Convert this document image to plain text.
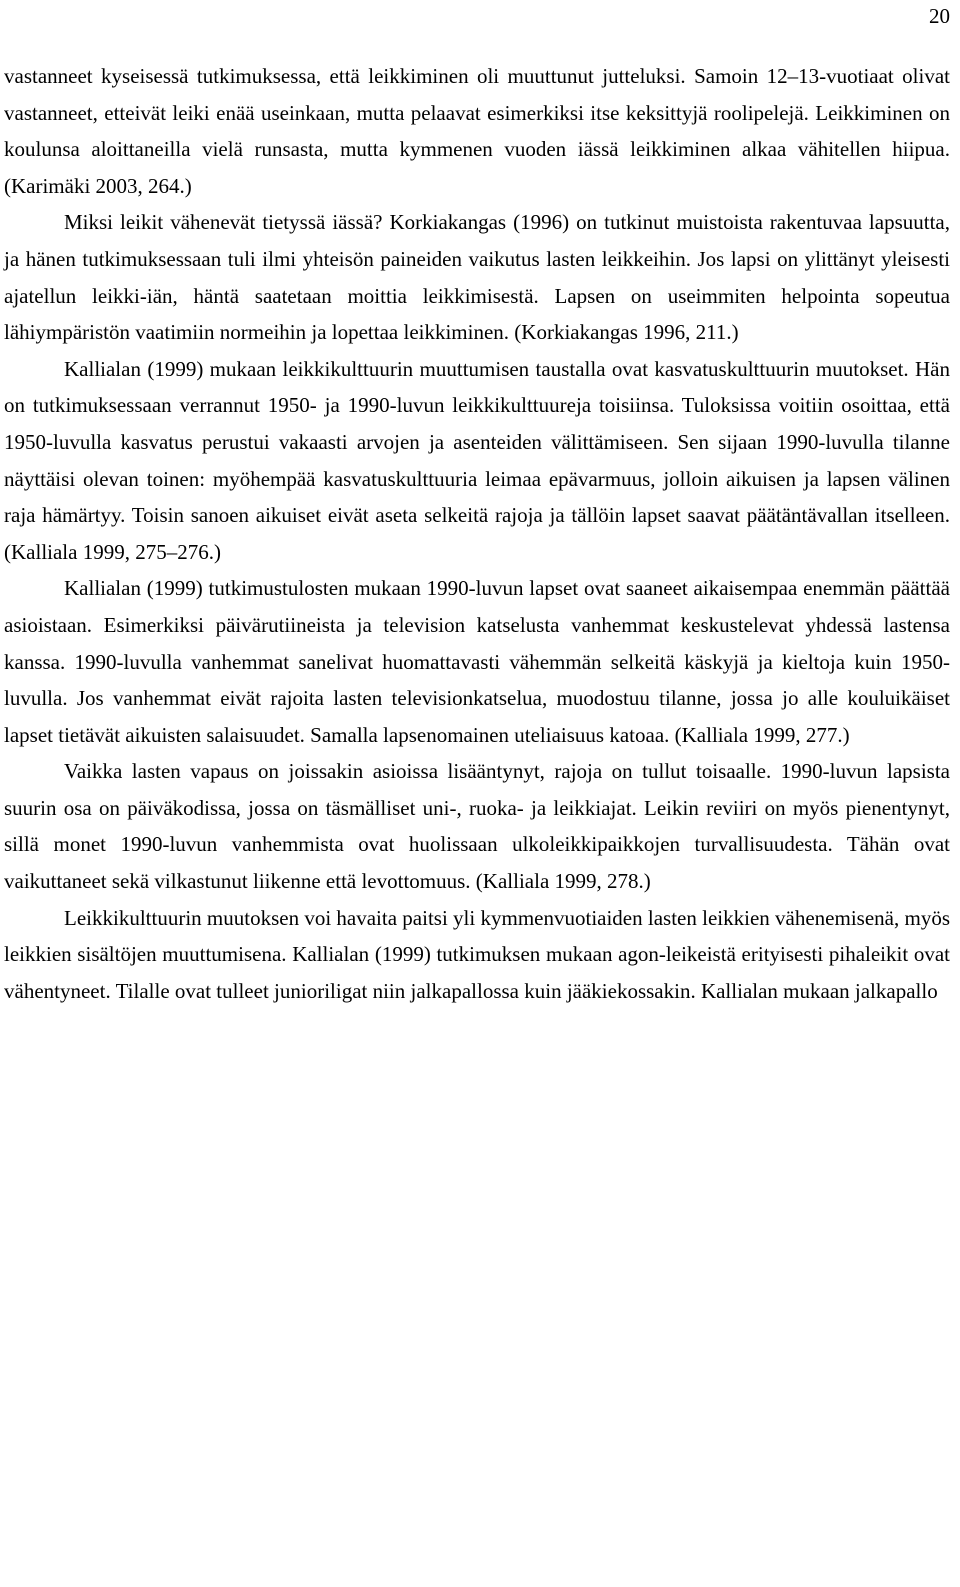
20

vastanneet kyseisessä tutkimuksessa, että leikkiminen oli muuttunut jutteluksi. Samoin 12–13-vuotiaat olivat vastanneet, etteivät leiki enää useinkaan, mutta pelaavat esimerkiksi itse keksittyjä roolipelejä. Leikkiminen on koulunsa aloittaneilla vielä runsasta, mutta kymmenen vuoden iässä leikkiminen alkaa vähitellen hiipua. (Karimäki 2003, 264.)

Miksi leikit vähenevät tietyssä iässä? Korkiakangas (1996) on tutkinut muistoista rakentuvaa lapsuutta, ja hänen tutkimuksessaan tuli ilmi yhteisön paineiden vaikutus lasten leikkeihin. Jos lapsi on ylittänyt yleisesti ajatellun leikki-iän, häntä saatetaan moittia leikkimisestä. Lapsen on useimmiten helpointa sopeutua lähiympäristön vaatimiin normeihin ja lopettaa leikkiminen. (Korkiakangas 1996, 211.)

Kallialan (1999) mukaan leikkikulttuurin muuttumisen taustalla ovat kasvatuskulttuurin muutokset. Hän on tutkimuksessaan verrannut 1950- ja 1990-luvun leikkikulttuureja toisiinsa. Tuloksissa voitiin osoittaa, että 1950-luvulla kasvatus perustui vakaasti arvojen ja asenteiden välittämiseen. Sen sijaan 1990-luvulla tilanne näyttäisi olevan toinen: myöhempää kasvatuskulttuuria leimaa epävarmuus, jolloin aikuisen ja lapsen välinen raja hämärtyy. Toisin sanoen aikuiset eivät aseta selkeitä rajoja ja tällöin lapset saavat päätäntävallan itselleen. (Kalliala 1999, 275–276.)

Kallialan (1999) tutkimustulosten mukaan 1990-luvun lapset ovat saaneet aikaisempaa enemmän päättää asioistaan. Esimerkiksi päivärutiineista ja television katselusta vanhemmat keskustelevat yhdessä lastensa kanssa. 1990-luvulla vanhemmat sanelivat huomattavasti vähemmän selkeitä käskyjä ja kieltoja kuin 1950-luvulla. Jos vanhemmat eivät rajoita lasten televisionkatselua, muodostuu tilanne, jossa jo alle kouluikäiset lapset tietävät aikuisten salaisuudet. Samalla lapsenomainen uteliaisuus katoaa. (Kalliala 1999, 277.)

Vaikka lasten vapaus on joissakin asioissa lisääntynyt, rajoja on tullut toisaalle. 1990-luvun lapsista suurin osa on päiväkodissa, jossa on täsmälliset uni-, ruoka- ja leikkiajat. Leikin reviiri on myös pienentynyt, sillä monet 1990-luvun vanhemmista ovat huolissaan ulkoleikkipaikkojen turvallisuudesta. Tähän ovat vaikuttaneet sekä vilkastunut liikenne että levottomuus. (Kalliala 1999, 278.)

Leikkikulttuurin muutoksen voi havaita paitsi yli kymmenvuotiaiden lasten leikkien vähenemisenä, myös leikkien sisältöjen muuttumisena. Kallialan (1999) tutkimuksen mukaan agon-leikeistä erityisesti pihaleikit ovat vähentyneet. Tilalle ovat tulleet junioriligat niin jalkapallossa kuin jääkiekossakin. Kallialan mukaan jalkapallo
